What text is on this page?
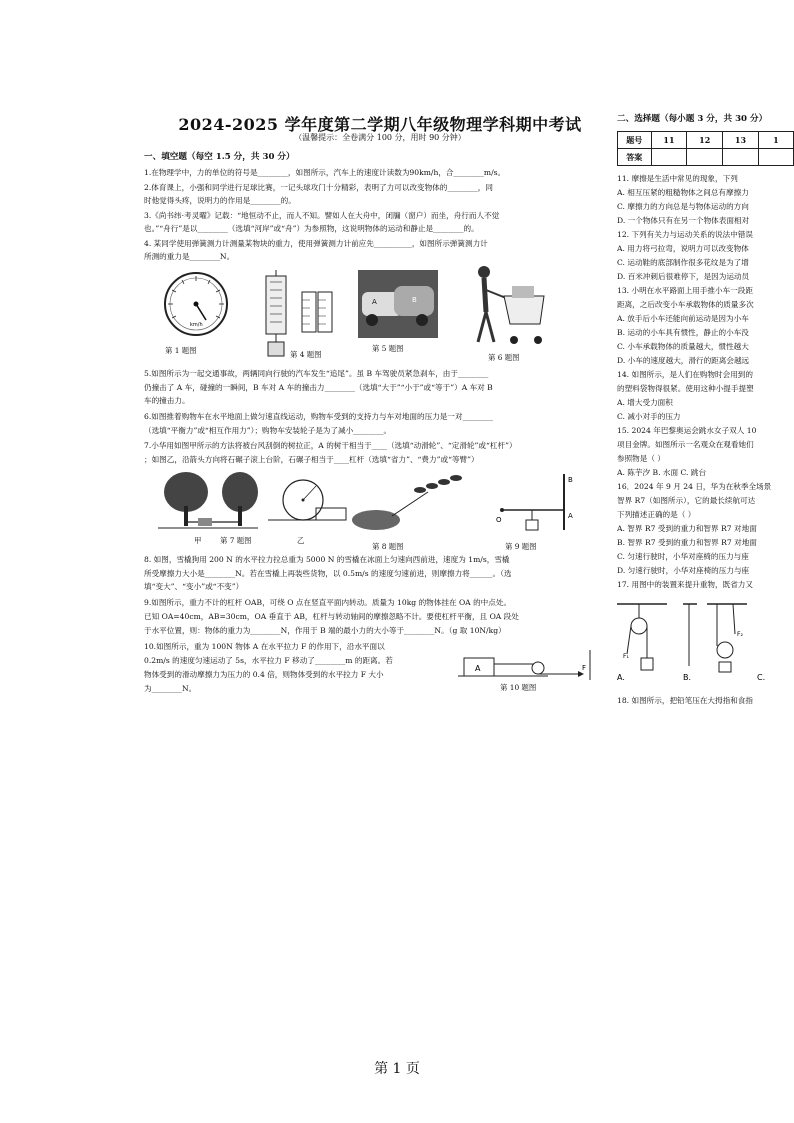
2024-2025 学年度第二学期八年级物理学科期中考试
（温馨提示：全卷满分 100 分，用时 90 分钟）
一、填空题（每空 1.5 分，共 30 分）
1.在物理学中，力的单位的符号是________，如图所示，汽车上的速度计读数为90km/h，合________m/s。
2.体育课上，小强和同学进行足球比赛，一记头球攻门十分精彩，表明了力可以改变物体的________，同
时他觉得头疼，说明力的作用是________的。
3.《尚书纬·考灵曜》记载：“地恒动不止，而人不知。譬如人在大舟中，闭牖（窗户）而坐，舟行而人不觉
也。”“舟行”是以________（选填“河岸”或“舟”）为参照物，这说明物体的运动和静止是________的。
4. 某同学使用弹簧测力计测量某物块的重力，使用弹簧测力计前应先__________，如图所示弹簧测力计
所测的重力是________N。
km/h
第 1 题图	第 4 题图
A	B
第 5 题图
第 6 题图
5.如图所示为一起交通事故，两辆同向行驶的汽车发生“追尾”。虽 B 车驾驶员紧急刹车，由于________
仍撞击了 A 车，碰撞的一瞬间，B 车对 A 车的撞击力________（选填“大于”“小于”或“等于”）A 车对 B
车的撞击力。
6.如图推着购物车在水平地面上做匀速直线运动，购物车受到的支持力与车对地面的压力是一对________
（选填“平衡力”或“相互作用力”）；购物车安装轮子是为了减小________。
7.小华用如图甲所示的方法将被台风刮倒的树拉正，A 的树干相当于____（选填“动滑轮”、“定滑轮”或“杠杆”）
；如图乙，沿箭头方向将石碾子滚上台阶，石碾子相当于____杠杆（选填“省力”、“费力”或“等臂”）
甲	第 7 题图	乙
第 8 题图
O	A
B
第 9 题图
8. 如图，雪橇狗用 200 N 的水平拉力拉总重为 5000 N 的雪橇在冰面上匀速向西前进，速度为 1m/s，雪橇
所受摩擦力大小是________N。若在雪橇上再装些货物，以 0.5m/s 的速度匀速前进，则摩擦力将______。（选
填“变大”、“变小”或“不变”）
9.如图所示，重力不计的杠杆 OAB，可绕 O 点在竖直平面内转动。质量为 10kg 的物体挂在 OA 的中点处。
已知 OA=40cm，AB=30cm，OA 垂直于 AB，杠杆与转动轴间的摩擦忽略不计。要使杠杆平衡，且 OA 段处
于水平位置，则：物体的重力为________N，作用于 B 端的最小力的大小等于________N。（g 取 10N/kg）
10.如图所示，重为 100N 物体 A 在水平拉力 F 的作用下，沿水平面以
0.2m/s 的速度匀速运动了 5s，水平拉力 F 移动了________m 的距离。若
物体受到的滑动摩擦力为压力的 0.4 倍，则物体受到的水平拉力 F 大小
为________N。
A	F
第 10 题图
二、选择题（每小题 3 分，共 30 分）
题号	11	12	13	1
答案				
11. 摩擦是生活中常见的现象，下列
A. 相互压紧的粗糙物体之间总有摩擦力
C. 摩擦力的方向总是与物体运动的方向
D. 一个物体只有在另一个物体表面相对
12. 下列有关力与运动关系的说法中错误
A. 用力将弓拉弯，说明力可以改变物体
C. 运动鞋的底部制作很多花纹是为了增
D. 百米冲刺后很难停下，是因为运动员
13. 小明在水平路面上用手推小车一段距
距离，之后改变小车承载物体的质量多次
A. 放手后小车还能向前运动是因为小车
B. 运动的小车具有惯性，静止的小车没
C. 小车承载物体的质量越大，惯性越大
D. 小车的速度越大，滑行的距离会越远
14. 如图所示，是人们在购物时会用到的
的塑料袋物得很紧。使用这种小提手提塑
A. 增大受力面积
C. 减小对手的压力
15. 2024 年巴黎奥运会跳水女子双人 10
项目金牌。如图所示一名观众在观看她们
参照物是（ ）
A. 陈芋汐 B. 水面 C. 跳台
16．2024 年 9 月 24 日，华为在秋季全场景
智界 R7（如图所示），它的最长续航可达
下列描述正确的是（ ）
A. 智界 R7 受到的重力和智界 R7 对地面
B. 智界 R7 受到的重力和智界 R7 对地面
C. 匀速行驶时，小华对座椅的压力与座
D. 匀速行驶时，小华对座椅的压力与座
17. 用图中的装置来提升重物，既省力又
F₁
A.	B.
F₂
C.
18. 如图所示，把铅笔压在大拇指和食指
第 1 页
